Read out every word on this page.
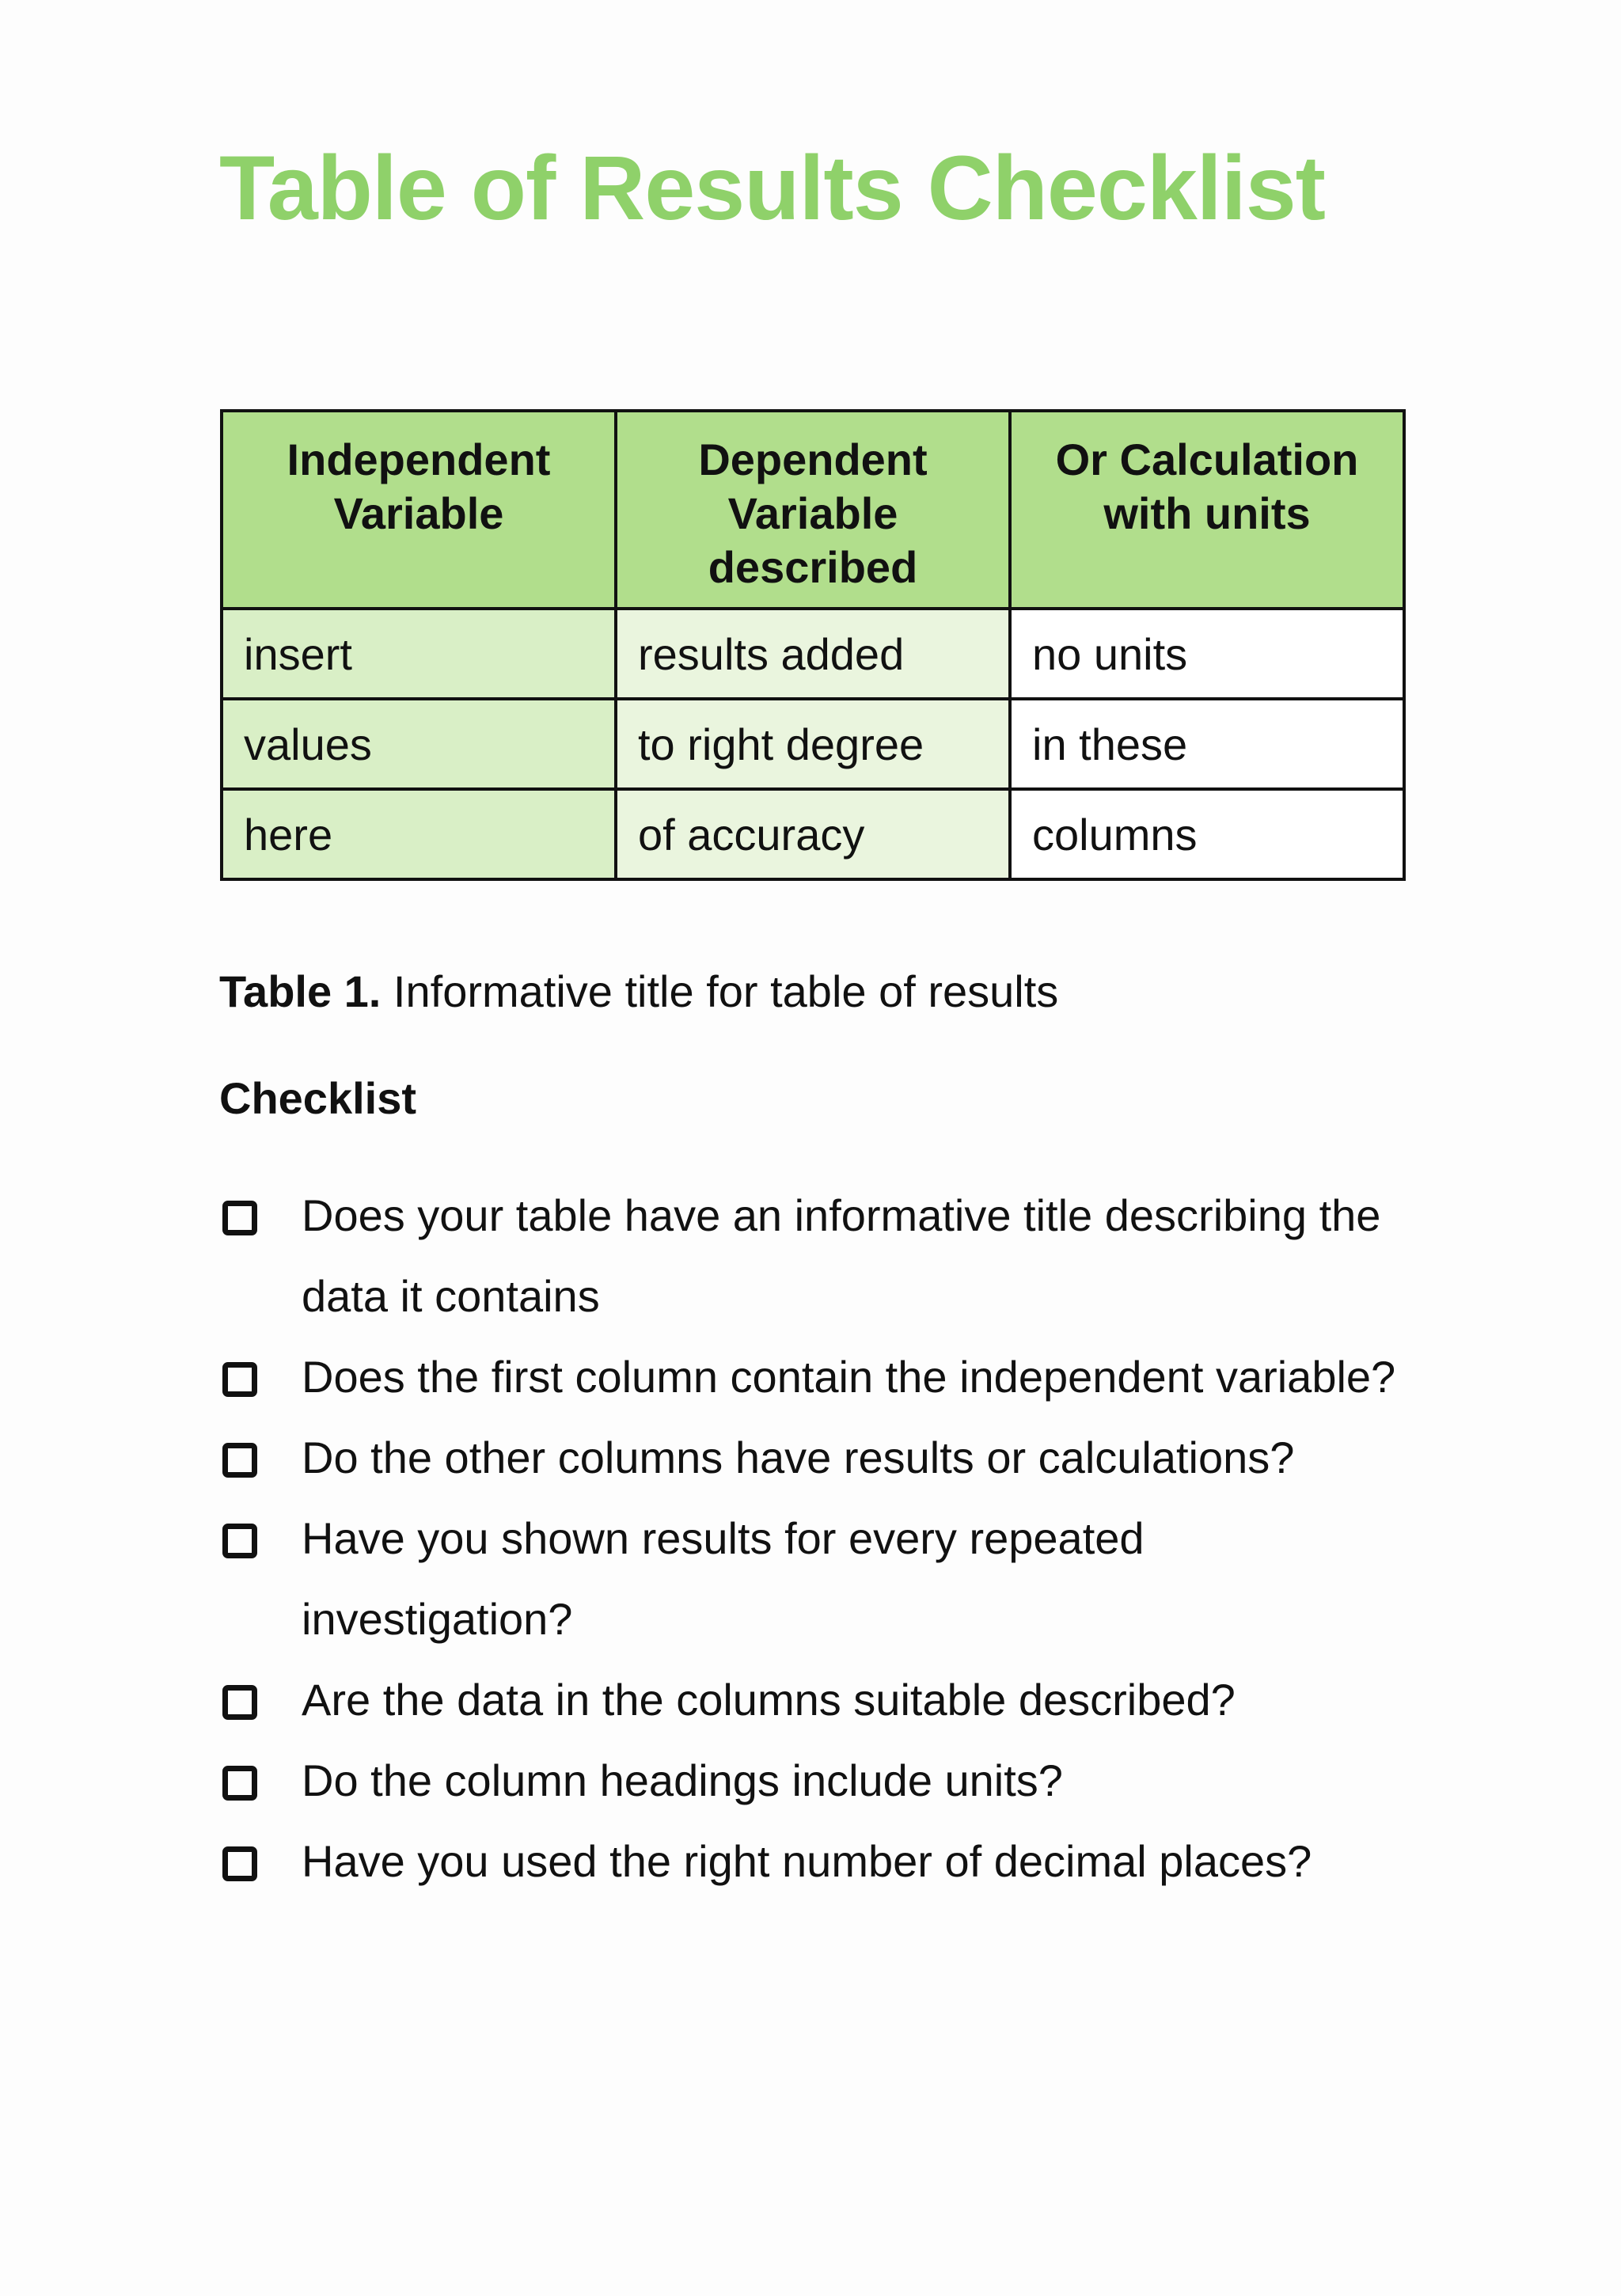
Table of Results Checklist
Independent Variable	Dependent Variable described	Or Calculation with units
insert	results added	no units
values	to right degree	in these
here	of accuracy	columns

Table 1. Informative title for table of results

Checklist
Does your table have an informative title describing the data it contains
Does the first column contain the independent variable?
Do the other columns have results or calculations?
Have you shown results for every repeated investigation?
Are the data in the columns suitable described?
Do the column headings include units?
Have you used the right number of decimal places?
